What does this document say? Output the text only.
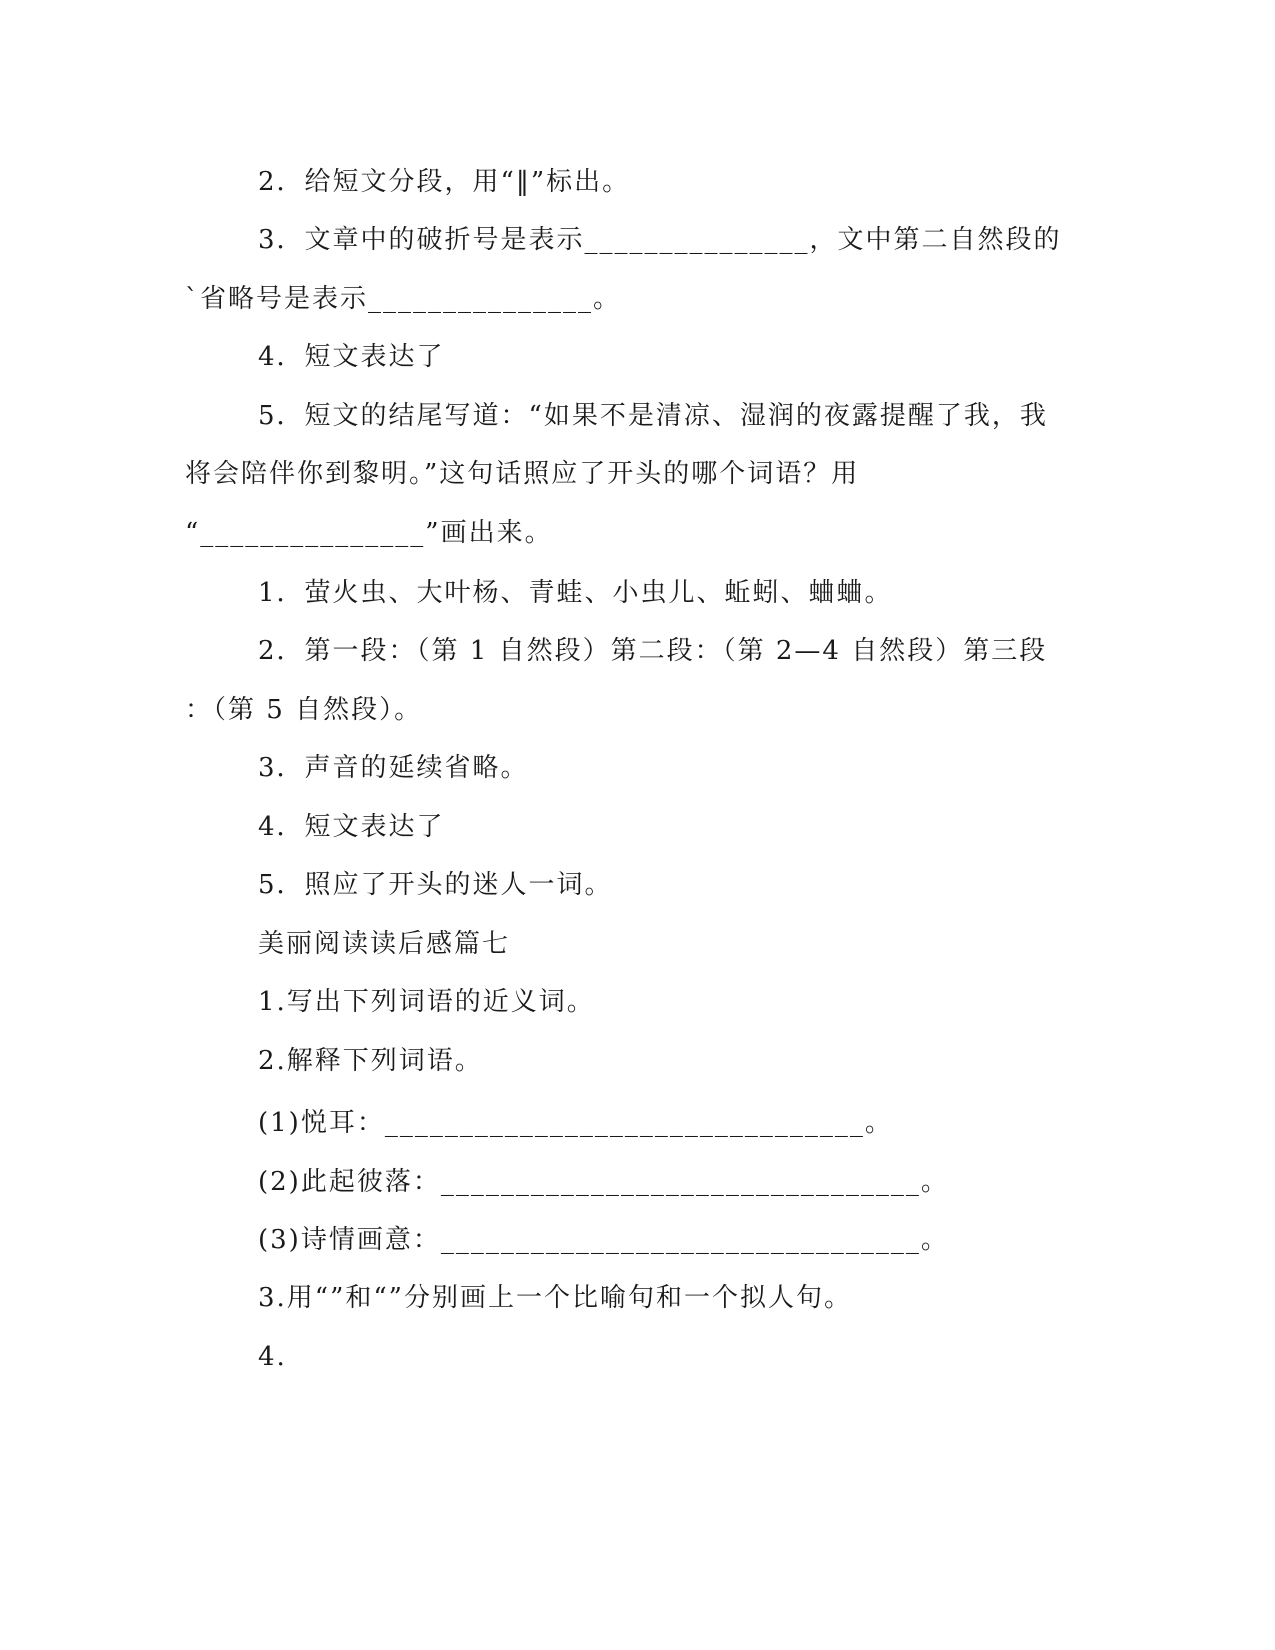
2．给短文分段，用“‖”标出。
3．文章中的破折号是表示_______________，文中第二自然段的
`省略号是表示_______________。
4．短文表达了
5．短文的结尾写道：“如果不是清凉、湿润的夜露提醒了我，我
将会陪伴你到黎明。”这句话照应了开头的哪个词语？用
“_______________”画出来。
1．萤火虫、大叶杨、青蛙、小虫儿、蚯蚓、蛐蛐。
2．第一段：（第 1 自然段）第二段：（第 2—4 自然段）第三段
：（第 5 自然段）。
3．声音的延续省略。
4．短文表达了
5．照应了开头的迷人一词。
美丽阅读读后感篇七
1.写出下列词语的近义词。
2.解释下列词语。
(1)悦耳：________________________________。
(2)此起彼落：________________________________。
(3)诗情画意：________________________________。
3.用“”和“”分别画上一个比喻句和一个拟人句。
4.
